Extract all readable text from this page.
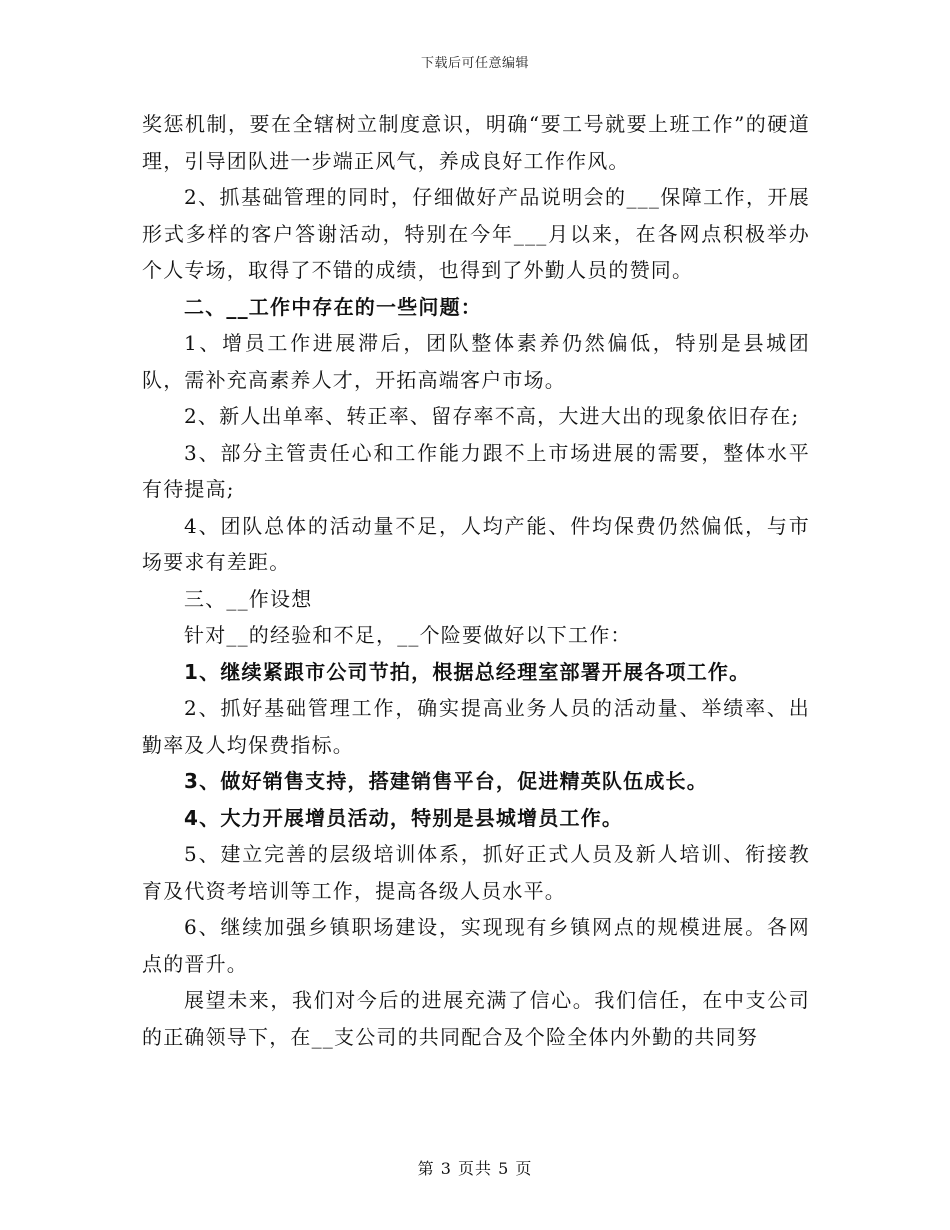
下载后可任意编辑

奖惩机制，要在全辖树立制度意识，明确“要工号就要上班工作”的硬道理，引导团队进一步端正风气，养成良好工作作风。

2、抓基础管理的同时，仔细做好产品说明会的___保障工作，开展形式多样的客户答谢活动，特别在今年___月以来，在各网点积极举办个人专场，取得了不错的成绩，也得到了外勤人员的赞同。

二、__工作中存在的一些问题：

1、增员工作进展滞后，团队整体素养仍然偏低，特别是县城团队，需补充高素养人才，开拓高端客户市场。

2、新人出单率、转正率、留存率不高，大进大出的现象依旧存在;

3、部分主管责任心和工作能力跟不上市场进展的需要，整体水平有待提高;

4、团队总体的活动量不足，人均产能、件均保费仍然偏低，与市场要求有差距。

三、__作设想

针对__的经验和不足，__个险要做好以下工作：

1、继续紧跟市公司节拍，根据总经理室部署开展各项工作。

2、抓好基础管理工作，确实提高业务人员的活动量、举绩率、出勤率及人均保费指标。

3、做好销售支持，搭建销售平台，促进精英队伍成长。

4、大力开展增员活动，特别是县城增员工作。

5、建立完善的层级培训体系，抓好正式人员及新人培训、衔接教育及代资考培训等工作，提高各级人员水平。

6、继续加强乡镇职场建设，实现现有乡镇网点的规模进展。各网点的晋升。

展望未来，我们对今后的进展充满了信心。我们信任，在中支公司的正确领导下，在__支公司的共同配合及个险全体内外勤的共同努

第 3 页共 5 页
